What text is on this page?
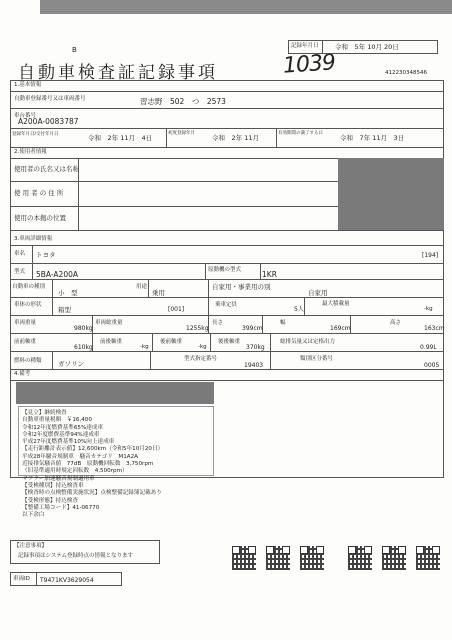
B
自動車検査証記録事項	1039
記録年月日	令和　5年 10月 20日
412230348546
1.基本情報
自動車登録番号又は車両番号	習志野　502　つ　2573
車台番号
A200A-0083787
登録年月日/交付年月日	令和　2年 11月　4日
初度登録年月
令和　2年 11月
有効期間の満了する日
令和　7年 11月　3日
2.使用者情報
使用者の氏名又は名称
使 用 者 の 住 所
使用の本拠の位置
3.車両詳細情報
車名 トヨタ	[194]
型式 5BA-A200A	原動機の型式	1KR
自動車の種別
小　型
用途
乗用
自家用・事業用の別
自家用
車体の形状
箱型	[001]
乗車定員
5人
最大積載量
-kg
車両重量
980kg
車両総重量
1255kg
長さ
399cm
幅
169cm
高さ
163cm
前前軸重
610kg
前後軸重
-kg
後前軸重
-kg
後後軸重
370kg
総排気量又は定格出力
0.99L
燃料の種類	ガソリン
型式指定番号
19403
類別区分番号
0005
4.備考
【見立】継続検査
自動車重量税額　￥16,400
令和12年度燃費基準65%達成車
令和2年度燃費基準94%達成車
平成27年度燃費基準10%向上達成車
【走行距離計表示値】12,600km（令和5年10月20日）
平成28年騒音規制車　騒音カテゴリ　M1A2A
近接排気騒音値　77dB　原動機回転数　3,750rpm
（旧基準適用時規定回転数　4,500rpm）
マフラー加速騒音規制適用車
【受検種別】持込検査車
【検査時の点検整備実施状況】点検整備記録簿記載あり
【受検形態】持込検査
【整備工場コード】41-06770
以下余白
【注意事項】
記録事項はシステム登録時点の情報となります
車両ID T9471KV3629054
